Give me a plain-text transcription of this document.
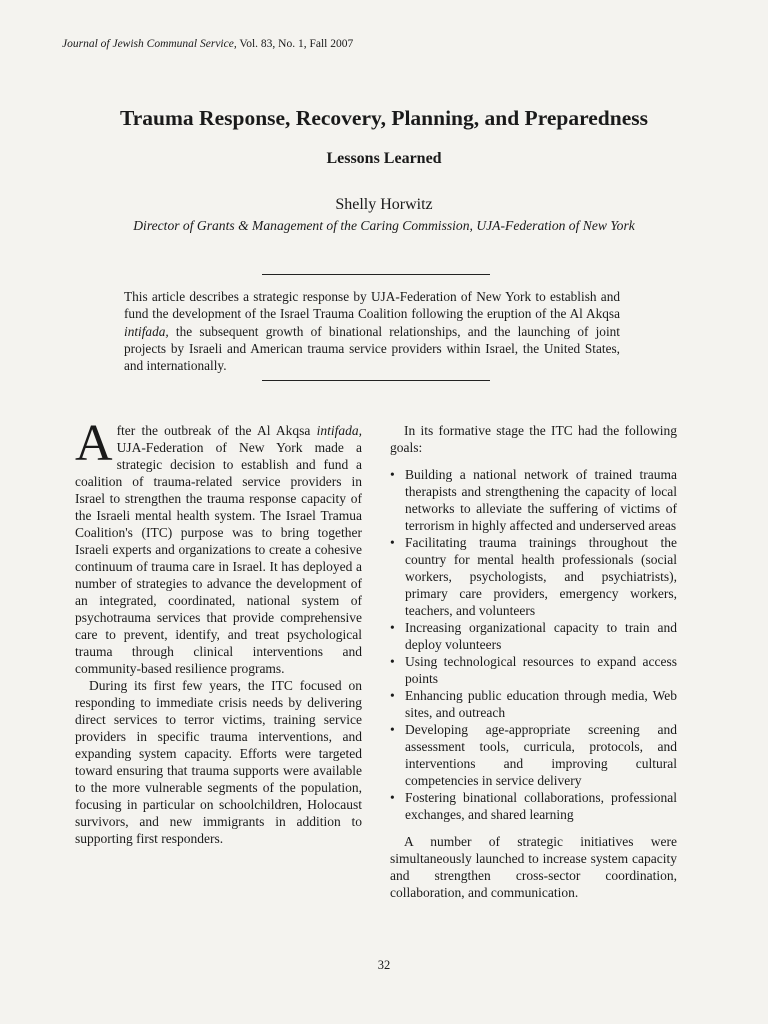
Journal of Jewish Communal Service, Vol. 83, No. 1, Fall 2007
Trauma Response, Recovery, Planning, and Preparedness
Lessons Learned
Shelly Horwitz
Director of Grants & Management of the Caring Commission, UJA-Federation of New York

This article describes a strategic response by UJA-Federation of New York to establish and fund the development of the Israel Trauma Coalition following the eruption of the Al Akqsa intifada, the subsequent growth of binational relationships, and the launching of joint projects by Israeli and American trauma service providers within Israel, the United States, and internationally.

After the outbreak of the Al Akqsa intifada, UJA-Federation of New York made a strategic decision to establish and fund a coalition of trauma-related service providers in Israel to strengthen the trauma response capacity of the Israeli mental health system. The Israel Tramua Coalition's (ITC) purpose was to bring together Israeli experts and organizations to create a cohesive continuum of trauma care in Israel. It has deployed a number of strategies to advance the development of an integrated, coordinated, national system of psychotrauma services that provide comprehensive care to prevent, identify, and treat psychological trauma through clinical interventions and community-based resilience programs.

During its first few years, the ITC focused on responding to immediate crisis needs by delivering direct services to terror victims, training service providers in specific trauma interventions, and expanding system capacity. Efforts were targeted toward ensuring that trauma supports were available to the more vulnerable segments of the population, focusing in particular on schoolchildren, Holocaust survivors, and new immigrants in addition to supporting first responders.

In its formative stage the ITC had the following goals:

• Building a national network of trained trauma therapists and strengthening the capacity of local networks to alleviate the suffering of victims of terrorism in highly affected and underserved areas
• Facilitating trauma trainings throughout the country for mental health professionals (social workers, psychologists, and psychiatrists), primary care providers, emergency workers, teachers, and volunteers
• Increasing organizational capacity to train and deploy volunteers
• Using technological resources to expand access points
• Enhancing public education through media, Web sites, and outreach
• Developing age-appropriate screening and assessment tools, curricula, protocols, and interventions and improving cultural competencies in service delivery
• Fostering binational collaborations, professional exchanges, and shared learning

A number of strategic initiatives were simultaneously launched to increase system capacity and strengthen cross-sector coordination, collaboration, and communication.

32
